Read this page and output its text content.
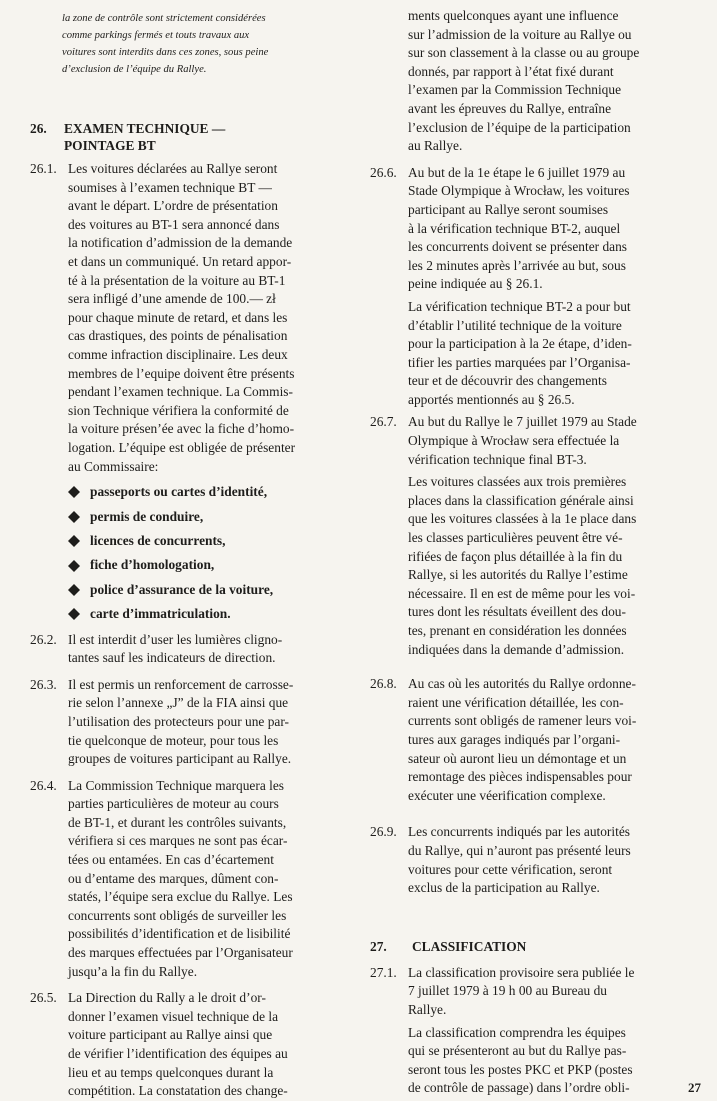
la zone de contrôle sont strictement considérées
comme parkings fermés et touts travaux aux
voitures sont interdits dans ces zones, sous peine
d’exclusion de l’équipe du Rallye.
26.	EXAMEN TECHNIQUE —
POINTAGE BT
26.1. Les voitures déclarées au Rallye seront
soumises à l’examen technique BT —
avant le départ. L’ordre de présentation
des voitures au BT-1 sera annoncé dans
la notification d’admission de la demande
et dans un communiqué. Un retard appor-
té à la présentation de la voiture au BT-1
sera infligé d’une amende de 100.— zł
pour chaque minute de retard, et dans les
cas drastiques, des points de pénalisation
comme infraction disciplinaire. Les deux
membres de l’equipe doivent être présents
pendant l’examen technique. La Commis-
sion Technique vérifiera la conformité de
la voiture présen’ée avec la fiche d’homo-
logation. L’équipe est obligée de présenter
au Commissaire:
passeports ou cartes d’identité,
permis de conduire,
licences de concurrents,
fiche d’homologation,
police d’assurance de la voiture,
carte d’immatriculation.
26.2. Il est interdit d’user les lumières cligno-
tantes sauf les indicateurs de direction.
26.3. Il est permis un renforcement de carrosse-
rie selon l’annexe „J” de la FIA ainsi que
l’utilisation des protecteurs pour une par-
tie quelconque de moteur, pour tous les
groupes de voitures participant au Rallye.
26.4. La Commission Technique marquera les
parties particulières de moteur au cours
de BT-1, et durant les contrôles suivants,
vérifiera si ces marques ne sont pas écar-
tées ou entamées. En cas d’écartement
ou d’entame des marques, dûment con-
statés, l’équipe sera exclue du Rallye. Les
concurrents sont obligés de surveiller les
possibilités d’identification et de lisibilité
des marques effectuées par l’Organisateur
jusqu’a la fin du Rallye.
26.5. La Direction du Rally a le droit d’or-
donner l’examen visuel technique de la
voiture participant au Rallye ainsi que
de vérifier l’identification des équipes au
lieu et au temps quelconques durant la
compétition. La constatation des change-
ments quelconques ayant une influence
sur l’admission de la voiture au Rallye ou
sur son classement à la classe ou au groupe
donnés, par rapport à l’état fixé durant
l’examen par la Commission Technique
avant les épreuves du Rallye, entraîne
l’exclusion de l’équipe de la participation
au Rallye.
26.6. Au but de la 1e étape le 6 juillet 1979 au
Stade Olympique à Wrocław, les voitures
participant au Rallye seront soumises
à la vérification technique BT-2, auquel
les concurrents doivent se présenter dans
les 2 minutes après l’arrivée au but, sous
peine indiquée au § 26.1.
La vérification technique BT-2 a pour but
d’établir l’utilité technique de la voiture
pour la participation à la 2e étape, d’iden-
tifier les parties marquées par l’Organisa-
teur et de découvrir des changements
apportés mentionnés au § 26.5.
26.7. Au but du Rallye le 7 juillet 1979 au Stade
Olympique à Wrocław sera effectuée la
vérification technique final BT-3.
Les voitures classées aux trois premières
places dans la classification générale ainsi
que les voitures classées à la 1e place dans
les classes particulières peuvent être vé-
rifiées de façon plus détaillée à la fin du
Rallye, si les autorités du Rallye l’estime
nécessaire. Il en est de même pour les voi-
tures dont les résultats éveillent des dou-
tes, prenant en considération les données
indiquées dans la demande d’admission.
26.8. Au cas où les autorités du Rallye ordonne-
raient une vérification détaillée, les con-
currents sont obligés de ramener leurs voi-
tures aux garages indiqués par l’organi-
sateur où auront lieu un démontage et un
remontage des pièces indispensables pour
exécuter une véerification complexe.
26.9. Les concurrents indiqués par les autorités
du Rallye, qui n’auront pas présenté leurs
voitures pour cette vérification, seront
exclus de la participation au Rallye.
27.	CLASSIFICATION
27.1. La classification provisoire sera publiée le
7 juillet 1979 à 19 h 00 au Bureau du
Rallye.
La classification comprendra les équipes
qui se présenteront au but du Rallye pas-
seront tous les postes PKC et PKP (postes
de contrôle de passage) dans l’ordre obli-	27
